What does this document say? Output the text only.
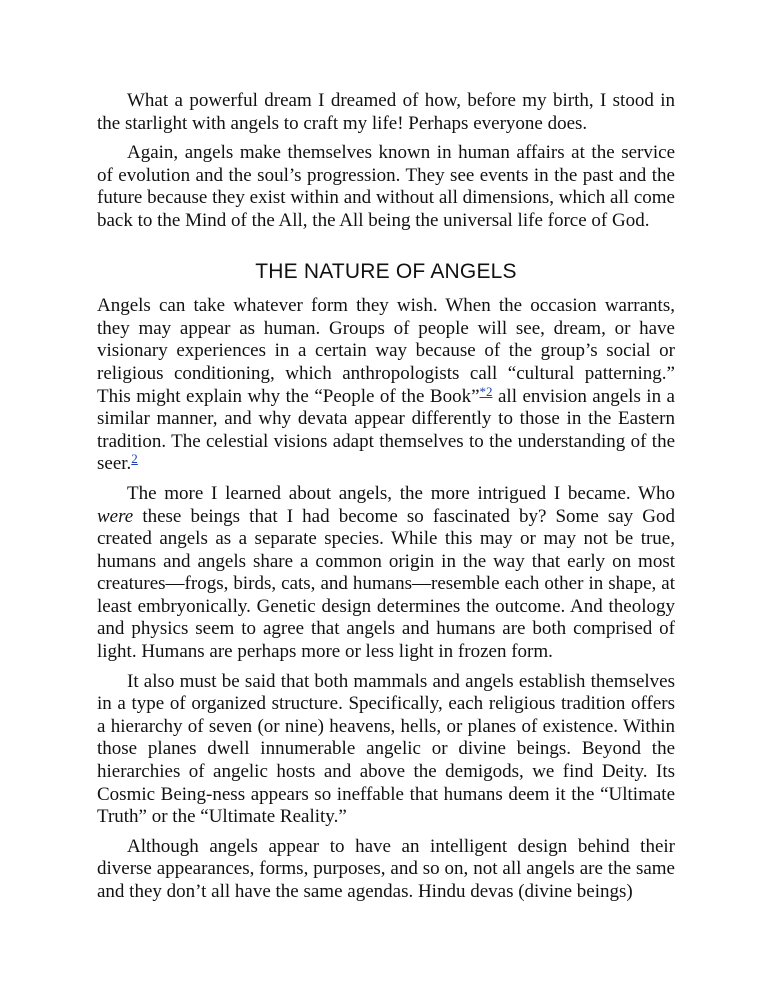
What a powerful dream I dreamed of how, before my birth, I stood in the starlight with angels to craft my life! Perhaps everyone does.

Again, angels make themselves known in human affairs at the service of evolution and the soul’s progression. They see events in the past and the future because they exist within and without all dimensions, which all come back to the Mind of the All, the All being the universal life force of God.

THE NATURE OF ANGELS

Angels can take whatever form they wish. When the occasion warrants, they may appear as human. Groups of people will see, dream, or have visionary experiences in a certain way because of the group’s social or religious conditioning, which anthropologists call “cultural patterning.” This might explain why the “People of the Book”$^{*2}$ all envision angels in a similar manner, and why devata appear differently to those in the Eastern tradition. The celestial visions adapt themselves to the understanding of the seer.$^2$

The more I learned about angels, the more intrigued I became. Who were these beings that I had become so fascinated by? Some say God created angels as a separate species. While this may or may not be true, humans and angels share a common origin in the way that early on most creatures—frogs, birds, cats, and humans—resemble each other in shape, at least embryonically. Genetic design determines the outcome. And theology and physics seem to agree that angels and humans are both comprised of light. Humans are perhaps more or less light in frozen form.

It also must be said that both mammals and angels establish themselves in a type of organized structure. Specifically, each religious tradition offers a hierarchy of seven (or nine) heavens, hells, or planes of existence. Within those planes dwell innumerable angelic or divine beings. Beyond the hierarchies of angelic hosts and above the demigods, we find Deity. Its Cosmic Being-ness appears so ineffable that humans deem it the “Ultimate Truth” or the “Ultimate Reality.”

Although angels appear to have an intelligent design behind their diverse appearances, forms, purposes, and so on, not all angels are the same and they don’t all have the same agendas. Hindu devas (divine beings)
